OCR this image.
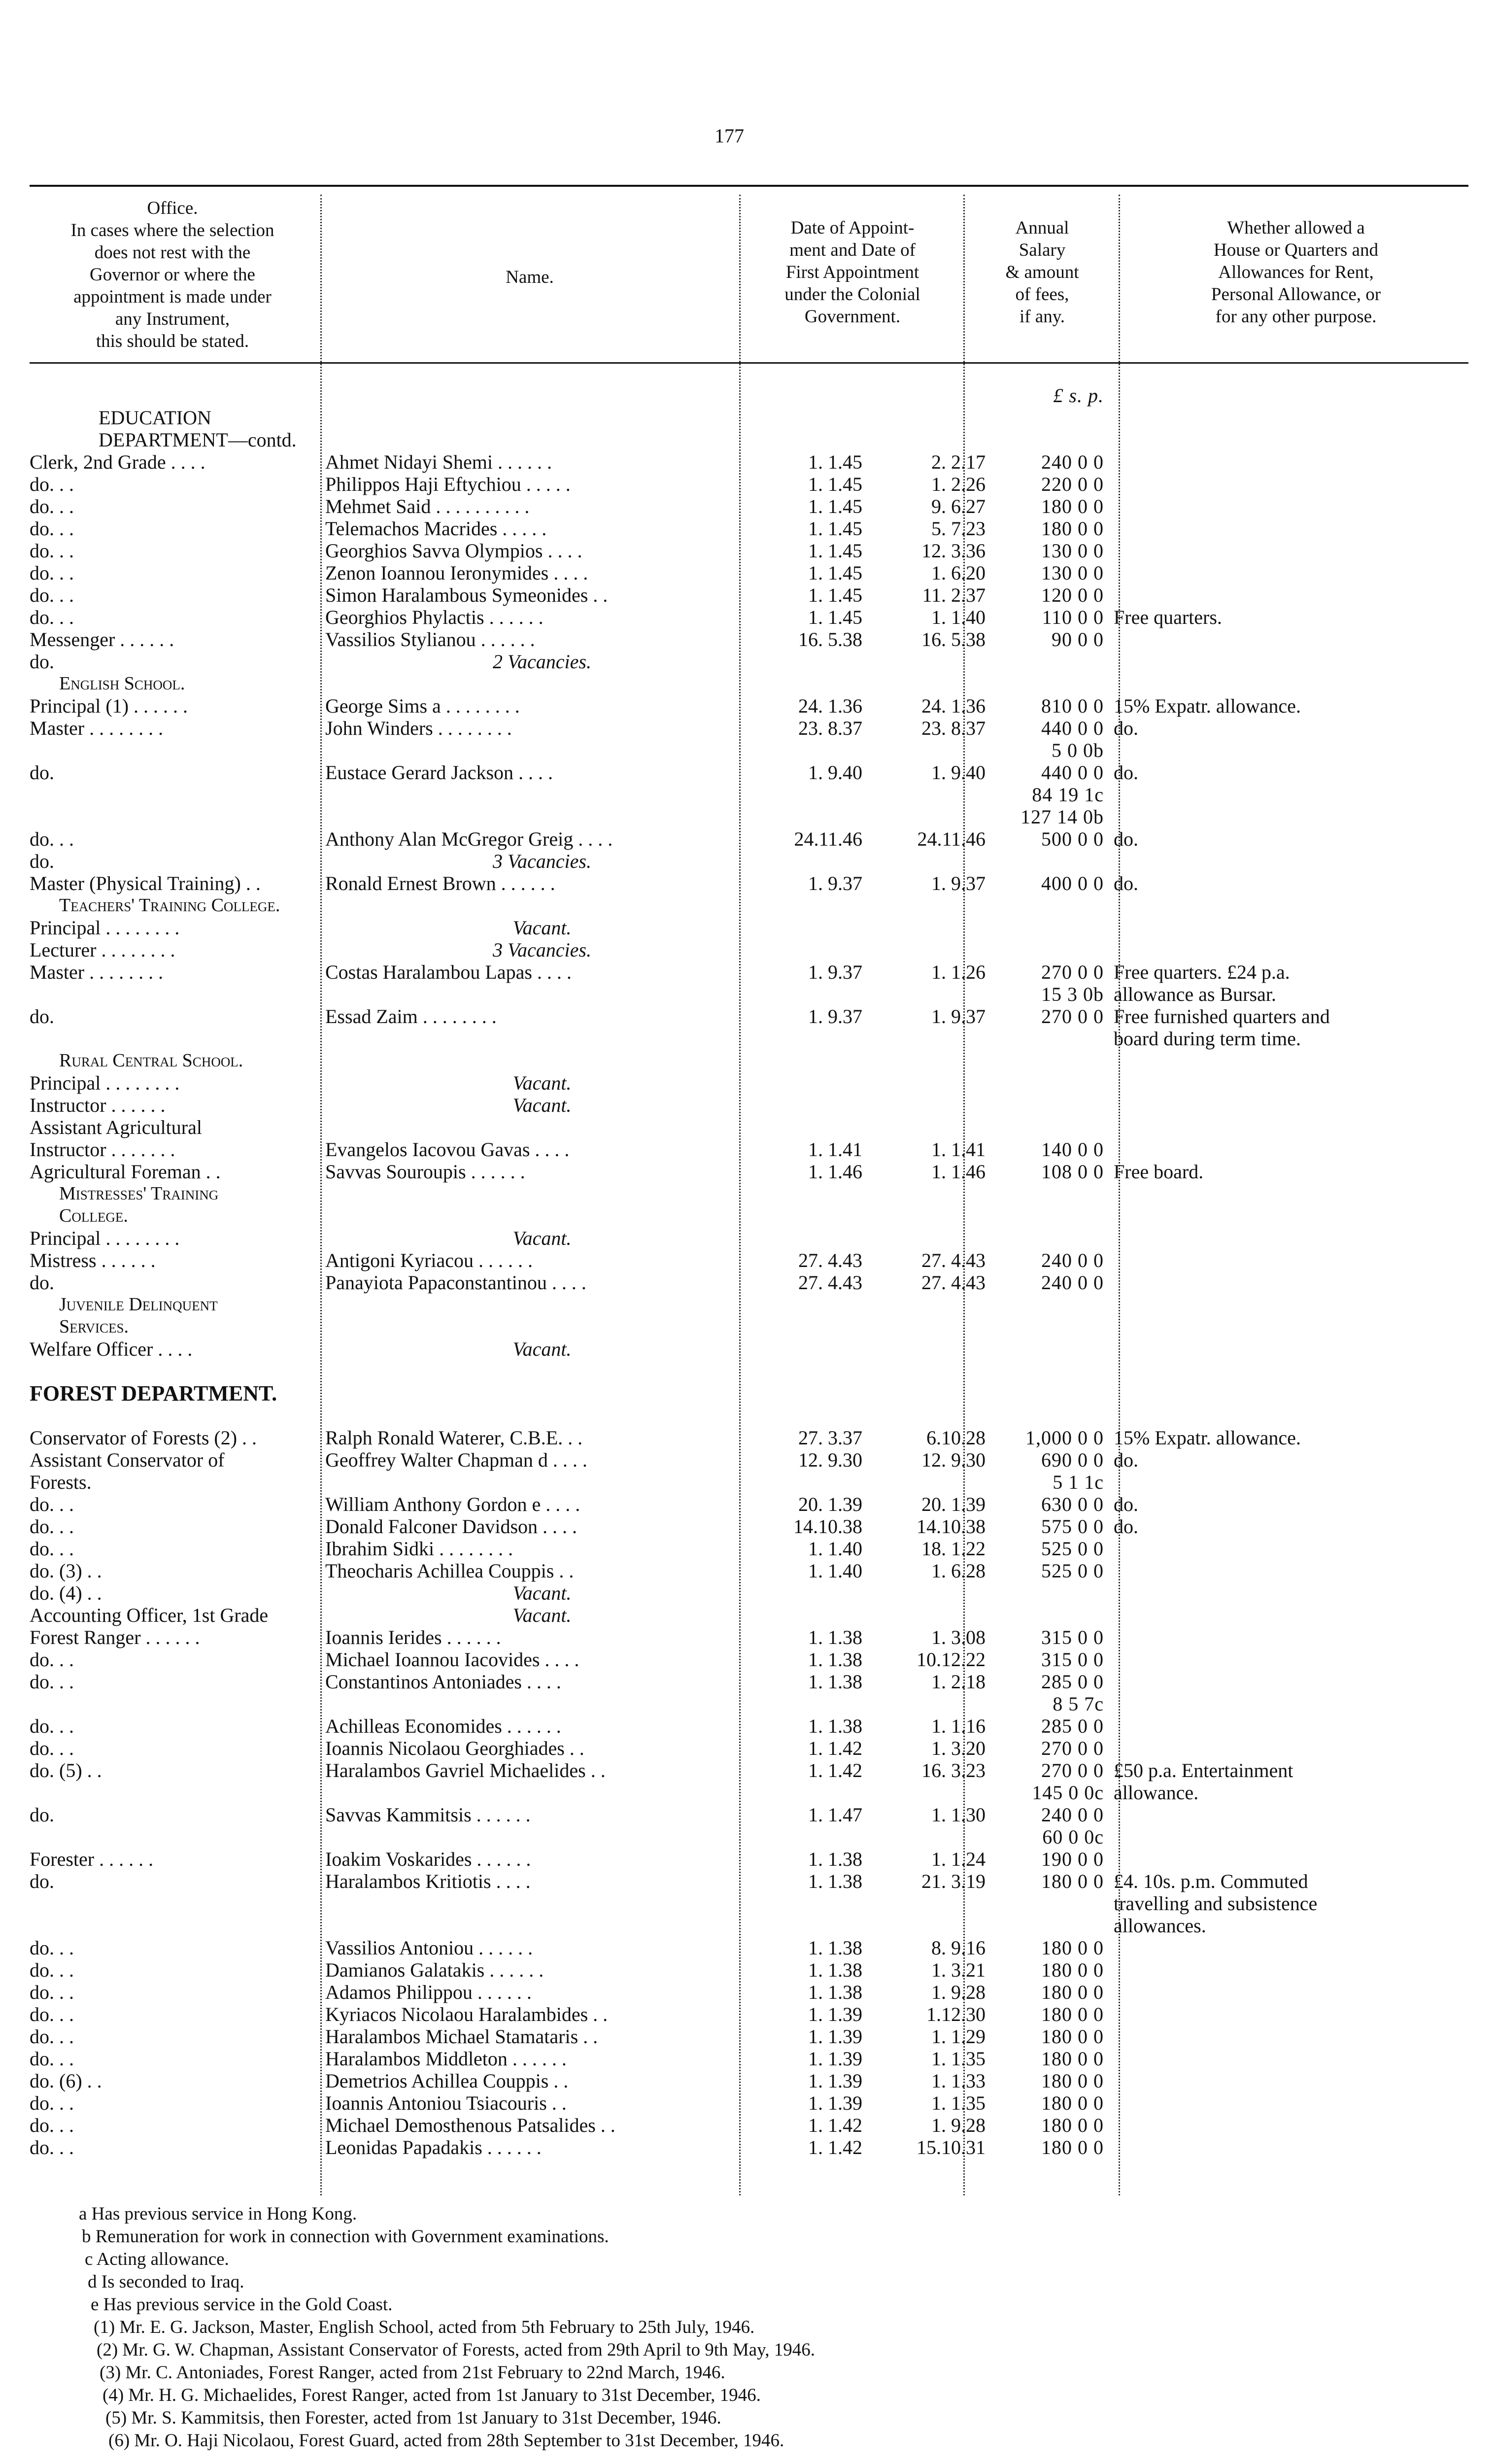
177
Office.
In cases where the selection
does not rest with the
Governor or where the
appointment is made under
any Instrument,
this should be stated.
Name.
Date of Appoint-
ment and Date of
First Appointment
under the Colonial
Government.
Annual
Salary
& amount
of fees,
if any.
Whether allowed a
House or Quarters and
Allowances for Rent,
Personal Allowance, or
for any other purpose.
£ s. p.
EDUCATION
DEPARTMENT—contd.
Clerk, 2nd Grade . . . .	Ahmet Nidayi Shemi . . . . . .	1. 1.45	2. 2.17	240 0 0
do. . .	Philippos Haji Eftychiou . . . . .	1. 1.45	1. 2.26	220 0 0
do. . .	Mehmet Said . . . . . . . . . .	1. 1.45	9. 6.27	180 0 0
do. . .	Telemachos Macrides . . . . .	1. 1.45	5. 7.23	180 0 0
do. . .	Georghios Savva Olympios . . . .	1. 1.45	12. 3.36	130 0 0
do. . .	Zenon Ioannou Ieronymides . . . .	1. 1.45	1. 6.20	130 0 0
do. . .	Simon Haralambous Symeonides . .	1. 1.45	11. 2.37	120 0 0
do. . .	Georghios Phylactis . . . . . .	1. 1.45	1. 1.40	110 0 0 Free quarters.
Messenger . . . . . .	Vassilios Stylianou . . . . . .	16. 5.38	16. 5.38	90 0 0
do.	2 Vacancies.
English School.
Principal (1) . . . . . .	George Sims a . . . . . . . .	24. 1.36	24. 1.36	810 0 0 15% Expatr. allowance.
Master . . . . . . . .	John Winders . . . . . . . .	23. 8.37	23. 8.37	440 0 0 do.
5 0 0b
do.	Eustace Gerard Jackson . . . .	1. 9.40	1. 9.40	440 0 0 do.
84 19 1c
127 14 0b
do. . .	Anthony Alan McGregor Greig . . . .	24.11.46	24.11.46	500 0 0 do.
do.	3 Vacancies.
Master (Physical Training) . .	Ronald Ernest Brown . . . . . .	1. 9.37	1. 9.37	400 0 0 do.
Teachers' Training College.
Principal . . . . . . . .	Vacant.
Lecturer . . . . . . . .	3 Vacancies.
Master . . . . . . . .	Costas Haralambou Lapas . . . .	1. 9.37	1. 1.26	270 0 0 Free quarters. £24 p.a.
15 3 0b allowance as Bursar.
do.	Essad Zaim . . . . . . . .	1. 9.37	1. 9.37	270 0 0 Free furnished quarters and
board during term time.
Rural Central School.
Principal . . . . . . . .	Vacant.
Instructor . . . . . .	Vacant.
Assistant Agricultural
Instructor . . . . . . .	Evangelos Iacovou Gavas . . . .	1. 1.41	1. 1.41	140 0 0
Agricultural Foreman . .	Savvas Souroupis . . . . . .	1. 1.46	1. 1.46	108 0 0 Free board.
Mistresses' Training
College.
Principal . . . . . . . .	Vacant.
Mistress . . . . . .	Antigoni Kyriacou . . . . . .	27. 4.43	27. 4.43	240 0 0
do.	Panayiota Papaconstantinou . . . .	27. 4.43	27. 4.43	240 0 0
Juvenile Delinquent
Services.
Welfare Officer . . . .	Vacant.
FOREST DEPARTMENT.
Conservator of Forests (2) . .	Ralph Ronald Waterer, C.B.E. . .	27. 3.37	6.10.28	1,000 0 0 15% Expatr. allowance.
Assistant Conservator of	Geoffrey Walter Chapman d . . . .	12. 9.30	12. 9.30	690 0 0 do.
Forests.	5 1 1c
do. . .	William Anthony Gordon e . . . .	20. 1.39	20. 1.39	630 0 0 do.
do. . .	Donald Falconer Davidson . . . .	14.10.38	14.10.38	575 0 0 do.
do. . .	Ibrahim Sidki . . . . . . . .	1. 1.40	18. 1.22	525 0 0
do. (3) . .	Theocharis Achillea Couppis . .	1. 1.40	1. 6.28	525 0 0
do. (4) . .	Vacant.
Accounting Officer, 1st Grade	Vacant.
Forest Ranger . . . . . .	Ioannis Ierides . . . . . .	1. 1.38	1. 3.08	315 0 0
do. . .	Michael Ioannou Iacovides . . . .	1. 1.38	10.12.22	315 0 0
do. . .	Constantinos Antoniades . . . .	1. 1.38	1. 2.18	285 0 0
8 5 7c
do. . .	Achilleas Economides . . . . . .	1. 1.38	1. 1.16	285 0 0
do. . .	Ioannis Nicolaou Georghiades . .	1. 1.42	1. 3.20	270 0 0
do. (5) . .	Haralambos Gavriel Michaelides . .	1. 1.42	16. 3.23	270 0 0 £50 p.a. Entertainment
145 0 0c allowance.
do.	Savvas Kammitsis . . . . . .	1. 1.47	1. 1.30	240 0 0
60 0 0c
Forester . . . . . .	Ioakim Voskarides . . . . . .	1. 1.38	1. 1.24	190 0 0
do.	Haralambos Kritiotis . . . .	1. 1.38	21. 3.19	180 0 0 £4. 10s. p.m. Commuted
travelling and subsistence
allowances.
do. . .	Vassilios Antoniou . . . . . .	1. 1.38	8. 9.16	180 0 0
do. . .	Damianos Galatakis . . . . . .	1. 1.38	1. 3.21	180 0 0
do. . .	Adamos Philippou . . . . . .	1. 1.38	1. 9.28	180 0 0
do. . .	Kyriacos Nicolaou Haralambides . .	1. 1.39	1.12.30	180 0 0
do. . .	Haralambos Michael Stamataris . .	1. 1.39	1. 1.29	180 0 0
do. . .	Haralambos Middleton . . . . . .	1. 1.39	1. 1.35	180 0 0
do. (6) . .	Demetrios Achillea Couppis . .	1. 1.39	1. 1.33	180 0 0
do. . .	Ioannis Antoniou Tsiacouris . .	1. 1.39	1. 1.35	180 0 0
do. . .	Michael Demosthenous Patsalides . .	1. 1.42	1. 9.28	180 0 0
do. . .	Leonidas Papadakis . . . . . .	1. 1.42	15.10.31	180 0 0
a Has previous service in Hong Kong.
b Remuneration for work in connection with Government examinations.
c Acting allowance.
d Is seconded to Iraq.
e Has previous service in the Gold Coast.
(1) Mr. E. G. Jackson, Master, English School, acted from 5th February to 25th July, 1946.
(2) Mr. G. W. Chapman, Assistant Conservator of Forests, acted from 29th April to 9th May, 1946.
(3) Mr. C. Antoniades, Forest Ranger, acted from 21st February to 22nd March, 1946.
(4) Mr. H. G. Michaelides, Forest Ranger, acted from 1st January to 31st December, 1946.
(5) Mr. S. Kammitsis, then Forester, acted from 1st January to 31st December, 1946.
(6) Mr. O. Haji Nicolaou, Forest Guard, acted from 28th September to 31st December, 1946.
